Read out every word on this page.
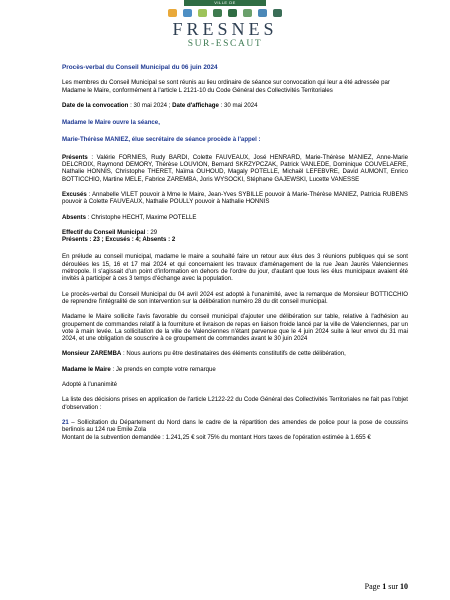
VILLE DE
FRESNES
SUR-ESCAUT

Procès-verbal du Conseil Municipal du 06 juin 2024

Les membres du Conseil Municipal se sont réunis au lieu ordinaire de séance sur convocation qui leur a été adressée par Madame le Maire, conformément à l'article L 2121-10 du Code Général des Collectivités Territoriales

Date de la convocation : 30 mai 2024 ; Date d'affichage : 30 mai 2024

Madame le Maire ouvre la séance,

Marie-Thérèse MANIEZ, élue secrétaire de séance procède à l'appel :

Présents : Valérie FORNIES, Rudy BARDI, Colette FAUVEAUX, José HENRARD, Marie-Thérèse MANIEZ, Anne-Marie DELCROIX, Raymond DEMORY, Thérèse LOUVION, Bernard SKRZYPCZAK, Patrick VANLEDE, Dominique COUVELAERE, Nathalie HONNIS, Christophe THERET, Naïma OUHOUD, Magaly POTELLE, Michaël LEFEBVRE, David AUMONT, Enrico BOTTICCHIO, Martine MELE, Fabrice ZAREMBA, Joris WYSOCKI, Stéphane GAJEWSKI, Lucette VANESSE

Excusés : Annabelle VILET pouvoir à Mme le Maire, Jean-Yves SYBILLE pouvoir à Marie-Thérèse MANIEZ, Patricia RUBENS pouvoir à Colette FAUVEAUX, Nathalie POULLY pouvoir à Nathalie HONNIS

Absents : Christophe HECHT, Maxime POTELLE

Effectif du Conseil Municipal : 29

Présents : 23 ; Excusés : 4; Absents : 2

En prélude au conseil municipal, madame le maire a souhaité faire un retour aux élus des 3 réunions publiques qui se sont déroulées les 15, 16 et 17 mai 2024 et qui concernaient les travaux d'aménagement de la rue Jean Jaurès Valenciennes métropole. Il s'agissait d'un point d'information en dehors de l'ordre du jour, d'autant que tous les élus municipaux avaient été invités à participer à ces 3 temps d'échange avec la population.

Le procès-verbal du Conseil Municipal du 04 avril 2024 est adopté à l'unanimité, avec la remarque de Monsieur BOTTICCHIO de reprendre l'intégralité de son intervention sur la délibération numéro 28 du dit conseil municipal.

Madame le Maire sollicite l'avis favorable du conseil municipal d'ajouter une délibération sur table, relative à l'adhésion au groupement de commandes relatif à la fourniture et livraison de repas en liaison froide lancé par la ville de Valenciennes, par un vote à main levée. La sollicitation de la ville de Valenciennes n'étant parvenue que le 4 juin 2024 suite à leur envoi du 31 mai 2024, et une obligation de souscrire à ce groupement de commandes avant le 30 juin 2024

Monsieur ZAREMBA : Nous aurions pu être destinataires des éléments constitutifs de cette délibération,

Madame le Maire : Je prends en compte votre remarque

Adopté à l'unanimité

La liste des décisions prises en application de l'article L2122-22 du Code Général des Collectivités Territoriales ne fait pas l'objet d'observation :

21 – Sollicitation du Département du Nord dans le cadre de la répartition des amendes de police pour la pose de coussins berlinois au 124 rue Emile Zola

Montant de la subvention demandée : 1.241,25 € soit 75% du montant Hors taxes de l'opération estimée à 1.655 €

Page 1 sur 10
